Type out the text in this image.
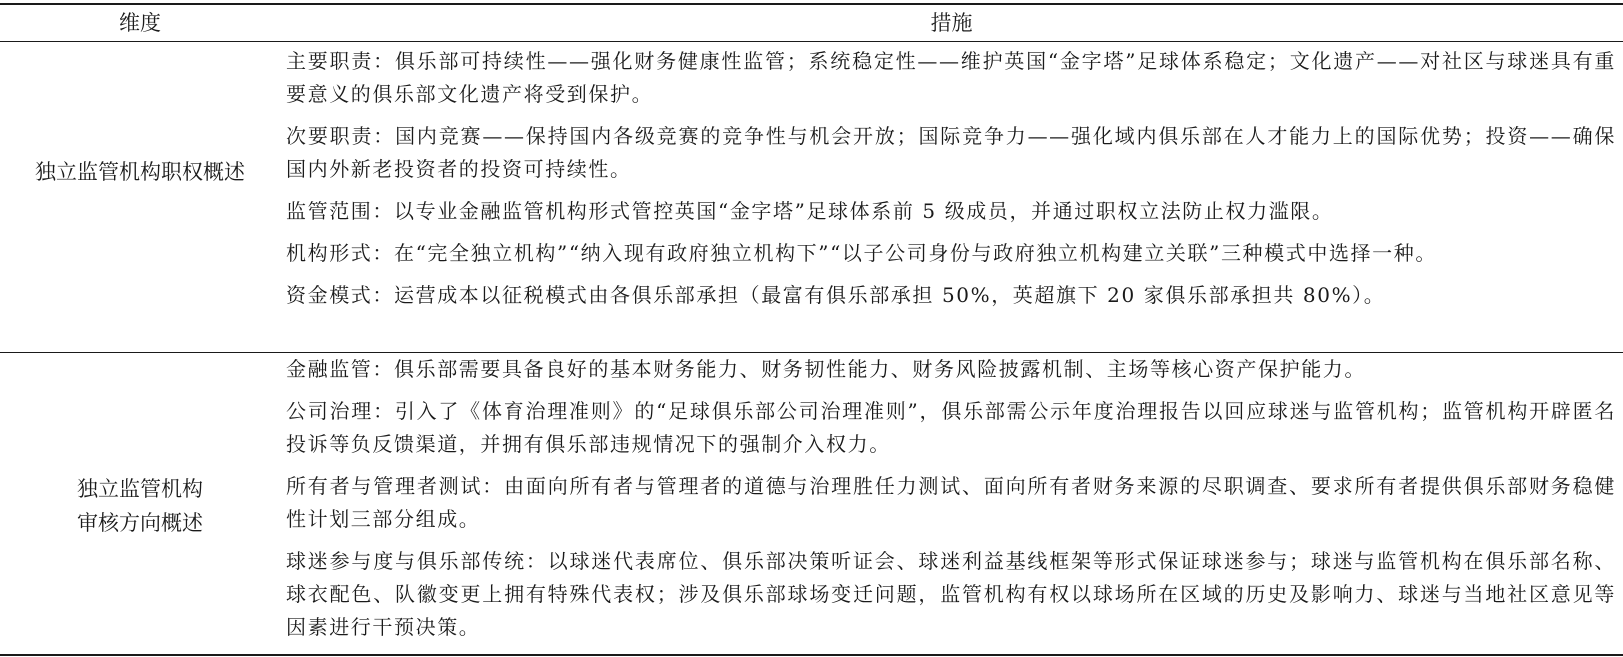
维度	措施
独立监管机构职权概述

主要职责：俱乐部可持续性——强化财务健康性监管；系统稳定性——维护英国“金字塔”足球体系稳定；文化遗产——对社区与球迷具有重要意义的俱乐部文化遗产将受到保护。

次要职责：国内竞赛——保持国内各级竞赛的竞争性与机会开放；国际竞争力——强化域内俱乐部在人才能力上的国际优势；投资——确保国内外新老投资者的投资可持续性。

监管范围：以专业金融监管机构形式管控英国“金字塔”足球体系前 5 级成员，并通过职权立法防止权力滥限。

机构形式：在“完全独立机构”“纳入现有政府独立机构下”“以子公司身份与政府独立机构建立关联”三种模式中选择一种。

资金模式：运营成本以征税模式由各俱乐部承担（最富有俱乐部承担 50%，英超旗下 20 家俱乐部承担共 80%）。

独立监管机构
审核方向概述

金融监管：俱乐部需要具备良好的基本财务能力、财务韧性能力、财务风险披露机制、主场等核心资产保护能力。

公司治理：引入了《体育治理准则》的“足球俱乐部公司治理准则”，俱乐部需公示年度治理报告以回应球迷与监管机构；监管机构开辟匿名投诉等负反馈渠道，并拥有俱乐部违规情况下的强制介入权力。

所有者与管理者测试：由面向所有者与管理者的道德与治理胜任力测试、面向所有者财务来源的尽职调查、要求所有者提供俱乐部财务稳健性计划三部分组成。

球迷参与度与俱乐部传统：以球迷代表席位、俱乐部决策听证会、球迷利益基线框架等形式保证球迷参与；球迷与监管机构在俱乐部名称、球衣配色、队徽变更上拥有特殊代表权；涉及俱乐部球场变迁问题，监管机构有权以球场所在区域的历史及影响力、球迷与当地社区意见等因素进行干预决策。
